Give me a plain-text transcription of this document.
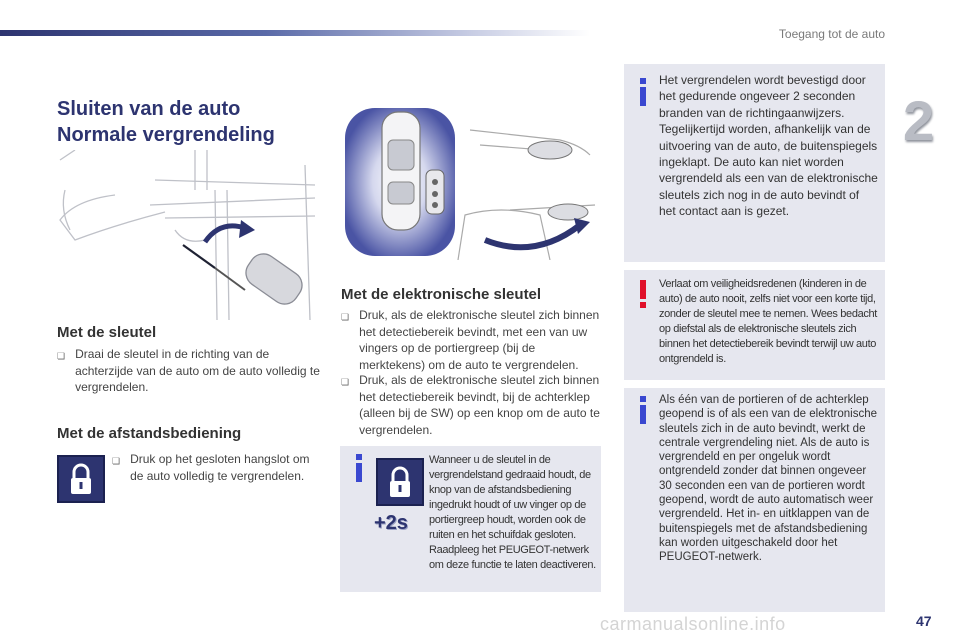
Toegang tot de auto
2
carmanualsonline.info	47
Sluiten van de auto
Normale vergrendeling
Met de sleutel
❏ Draai de sleutel in de richting van de achterzijde van de auto om de auto volledig te vergrendelen.
Met de afstandsbediening
❏ Druk op het gesloten hangslot om de auto volledig te vergrendelen.
Met de elektronische sleutel
❏ Druk, als de elektronische sleutel zich binnen het detectiebereik bevindt, met een van uw vingers op de portiergreep (bij de merktekens) om de auto te vergrendelen.
❏ Druk, als de elektronische sleutel zich binnen het detectiebereik bevindt, bij de achterklep (alleen bij de SW) op een knop om de auto te vergrendelen.
+2s
Wanneer u de sleutel in de vergrendelstand gedraaid houdt, de knop van de afstandsbediening ingedrukt houdt of uw vinger op de portiergreep houdt, worden ook de ruiten en het schuifdak gesloten. Raadpleeg het PEUGEOT-netwerk om deze functie te laten deactiveren.
Het vergrendelen wordt bevestigd door het gedurende ongeveer 2 seconden branden van de richtingaanwijzers. Tegelijkertijd worden, afhankelijk van de uitvoering van de auto, de buitenspiegels ingeklapt. De auto kan niet worden vergrendeld als een van de elektronische sleutels zich nog in de auto bevindt of het contact aan is gezet.
Verlaat om veiligheidsredenen (kinderen in de auto) de auto nooit, zelfs niet voor een korte tijd, zonder de sleutel mee te nemen. Wees bedacht op diefstal als de elektronische sleutels zich binnen het detectiebereik bevindt terwijl uw auto ontgrendeld is.
Als één van de portieren of de achterklep geopend is of als een van de elektronische sleutels zich in de auto bevindt, werkt de centrale vergrendeling niet. Als de auto is vergrendeld en per ongeluk wordt ontgrendeld zonder dat binnen ongeveer 30 seconden een van de portieren wordt geopend, wordt de auto automatisch weer vergrendeld. Het in- en uitklappen van de buitenspiegels met de afstandsbediening kan worden uitgeschakeld door het PEUGEOT-netwerk.
